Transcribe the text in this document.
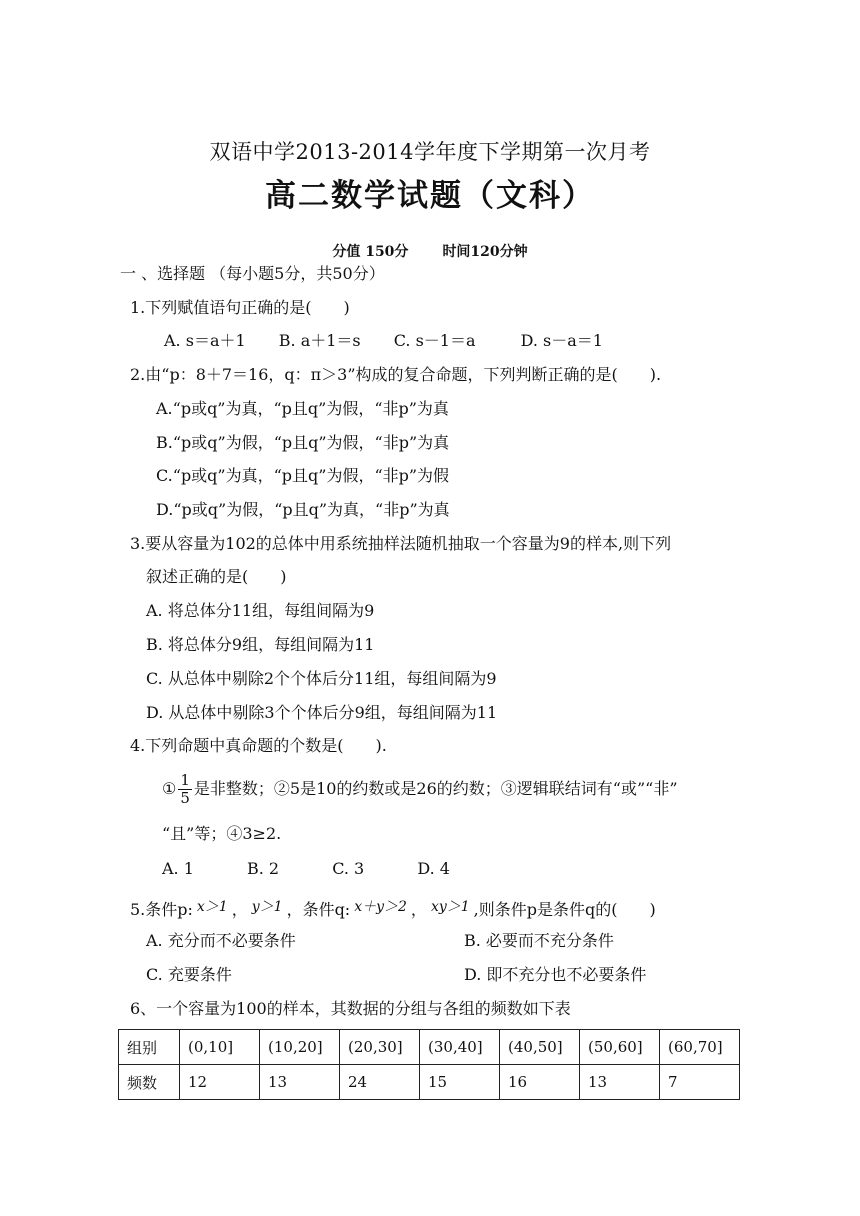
双语中学2013-2014学年度下学期第一次月考
高二数学试题（文科）
分值 150分 时间120分钟
一 、选择题 （每小题5分，共50分）
1.下列赋值语句正确的是(　　)
A. s＝a＋1 B. a＋1＝s C. s－1＝a	D. s－a＝1
2.由“p：8＋7＝16，q：π＞3”构成的复合命题，下列判断正确的是(　　).
A.“p或q”为真，“p且q”为假，“非p”为真
B.“p或q”为假，“p且q”为假，“非p”为真
C.“p或q”为真，“p且q”为假，“非p”为假
D.“p或q”为假，“p且q”为真，“非p”为真
3.要从容量为102的总体中用系统抽样法随机抽取一个容量为9的样本,则下列
叙述正确的是(　　)
A. 将总体分11组，每组间隔为9
B. 将总体分9组，每组间隔为11
C. 从总体中剔除2个个体后分11组，每组间隔为9
D. 从总体中剔除3个个体后分9组，每组间隔为11
4.下列命题中真命题的个数是(　　).
① $\frac{1}{5}$ 是非整数；②5是10的约数或是26的约数；③逻辑联结词有“或”“非”
“且”等；④3≥2.
A. 1	B. 2	C. 3	D. 4
5.条件p: x＞1 ， y＞1 ，条件q: x＋y＞2 ， xy＞1 ,则条件p是条件q的(　　)
A. 充分而不必要条件	B. 必要而不充分条件
C. 充要条件	D. 即不充分也不必要条件
6、一个容量为100的样本，其数据的分组与各组的频数如下表
组别	(0,10]	(10,20]	(20,30]	(30,40]	(40,50]	(50,60]	(60,70]
频数	12	13	24	15	16	13	7
